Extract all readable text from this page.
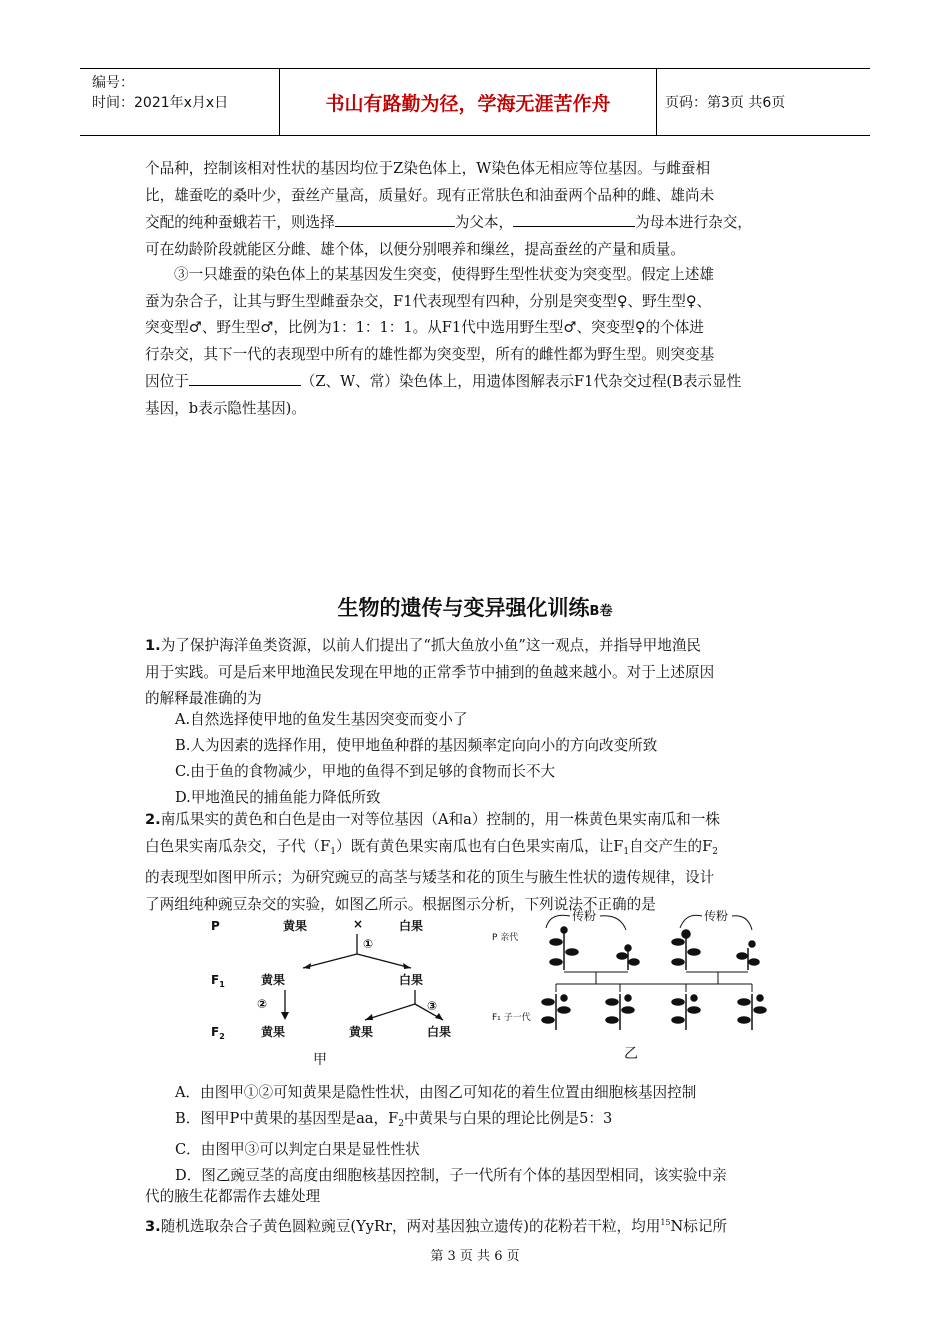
编号：
时间：2021年x月x日	书山有路勤为径，学海无涯苦作舟	页码：第3页 共6页
个品种，控制该相对性状的基因均位于Z染色体上，W染色体无相应等位基因。与雌蚕相
比，雄蚕吃的桑叶少，蚕丝产量高，质量好。现有正常肤色和油蚕两个品种的雌、雄尚未
交配的纯种蚕蛾若干，则选择	为父本，	为母本进行杂交，
可在幼龄阶段就能区分雌、雄个体，以便分别喂养和缫丝，提高蚕丝的产量和质量。
③一只雄蚕的染色体上的某基因发生突变，使得野生型性状变为突变型。假定上述雄
蚕为杂合子，让其与野生型雌蚕杂交，F1代表现型有四种，分别是突变型♀、野生型♀、
突变型♂、野生型♂，比例为1：1：1：1。从F1代中选用野生型♂、突变型♀的个体进
行杂交，其下一代的表现型中所有的雄性都为突变型，所有的雌性都为野生型。则突变基
因位于	（Z、W、常）染色体上，用遗体图解表示F1代杂交过程(B表示显性
基因，b表示隐性基因)。
生物的遗传与变异强化训练B卷
1.为了保护海洋鱼类资源，以前人们提出了“抓大鱼放小鱼”这一观点，并指导甲地渔民
用于实践。可是后来甲地渔民发现在甲地的正常季节中捕到的鱼越来越小。对于上述原因
的解释最准确的为
A.自然选择使甲地的鱼发生基因突变而变小了
B.人为因素的选择作用，使甲地鱼种群的基因频率定向向小的方向改变所致
C.由于鱼的食物减少，甲地的鱼得不到足够的食物而长不大
D.甲地渔民的捕鱼能力降低所致
2.南瓜果实的黄色和白色是由一对等位基因（A和a）控制的，用一株黄色果实南瓜和一株
白色果实南瓜杂交，子代$(F_1)$既有黄色果实南瓜也有白色果实南瓜，让$F_1$自交产生的$F_2$
的表现型如图甲所示；为研究豌豆的高茎与矮茎和花的顶生与腋生性状的遗传规律，设计
了两组纯种豌豆杂交的实验，如图乙所示。根据图示分析，下列说法不正确的是
P	黄果	×	白果
①
$F_1$	黄果	白果
②	③
$F_2$	黄果	黄果	白果
甲
传粉	传粉
P 亲代
F₁ 子一代
乙
A．由图甲①②可知黄果是隐性性状，由图乙可知花的着生位置由细胞核基因控制
B．图甲P中黄果的基因型是aa，$F_2$中黄果与白果的理论比例是5：3
C．由图甲③可以判定白果是显性性状
D．图乙豌豆茎的高度由细胞核基因控制，子一代所有个体的基因型相同，该实验中亲
代的腋生花都需作去雄处理
3.随机选取杂合子黄色圆粒豌豆(YyRr，两对基因独立遗传)的花粉若干粒，均用$^{15}$N标记所
第 3 页 共 6 页
